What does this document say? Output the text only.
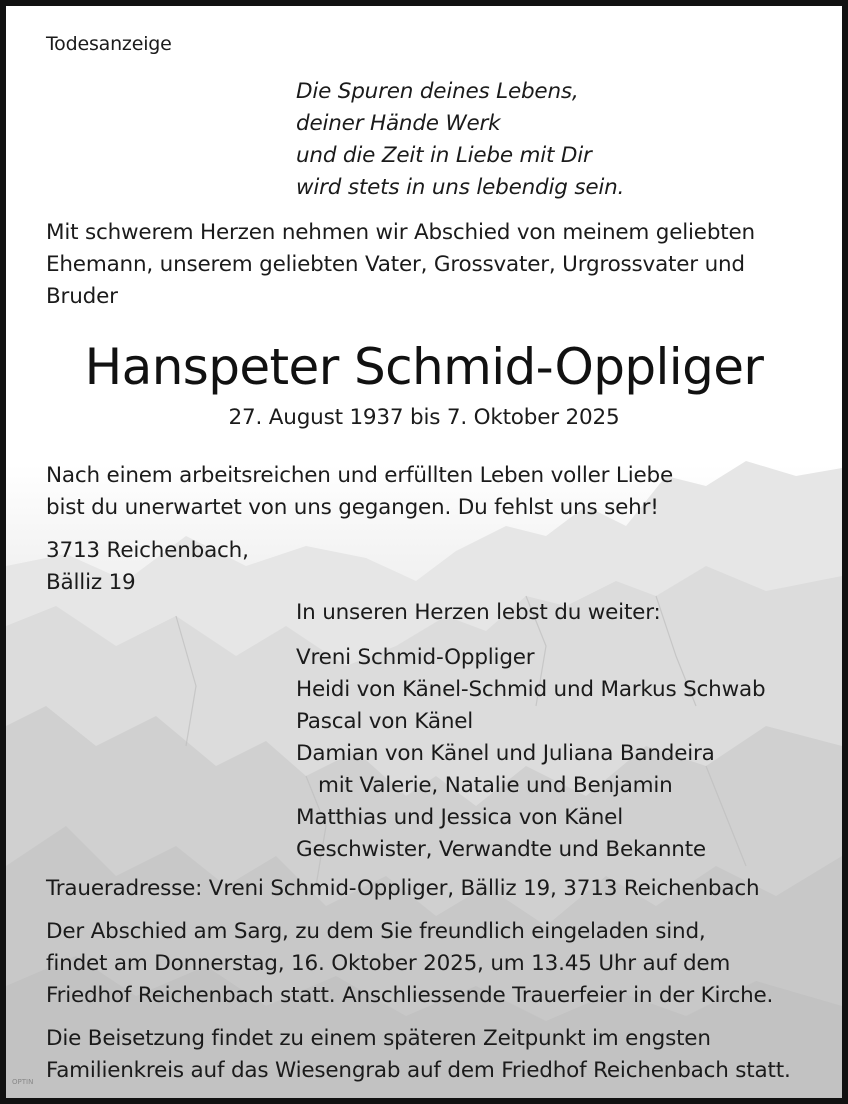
Todesanzeige
Die Spuren deines Lebens,
deiner Hände Werk
und die Zeit in Liebe mit Dir
wird stets in uns lebendig sein.
Mit schwerem Herzen nehmen wir Abschied von meinem geliebten
Ehemann, unserem geliebten Vater, Grossvater, Urgrossvater und
Bruder
Hanspeter Schmid-Oppliger
27. August 1937 bis 7. Oktober 2025
Nach einem arbeitsreichen und erfüllten Leben voller Liebe
bist du unerwartet von uns gegangen. Du fehlst uns sehr!
3713 Reichenbach,
Bälliz 19
In unseren Herzen lebst du weiter:
Vreni Schmid-Oppliger
Heidi von Känel-Schmid und Markus Schwab
Pascal von Känel
Damian von Känel und Juliana Bandeira
mit Valerie, Natalie und Benjamin
Matthias und Jessica von Känel
Geschwister, Verwandte und Bekannte
Traueradresse: Vreni Schmid-Oppliger, Bälliz 19, 3713 Reichenbach
Der Abschied am Sarg, zu dem Sie freundlich eingeladen sind,
findet am Donnerstag, 16. Oktober 2025, um 13.45 Uhr auf dem
Friedhof Reichenbach statt. Anschliessende Trauerfeier in der Kirche.
Die Beisetzung findet zu einem späteren Zeitpunkt im engsten
Familienkreis auf das Wiesengrab auf dem Friedhof Reichenbach statt.
OPTIN
